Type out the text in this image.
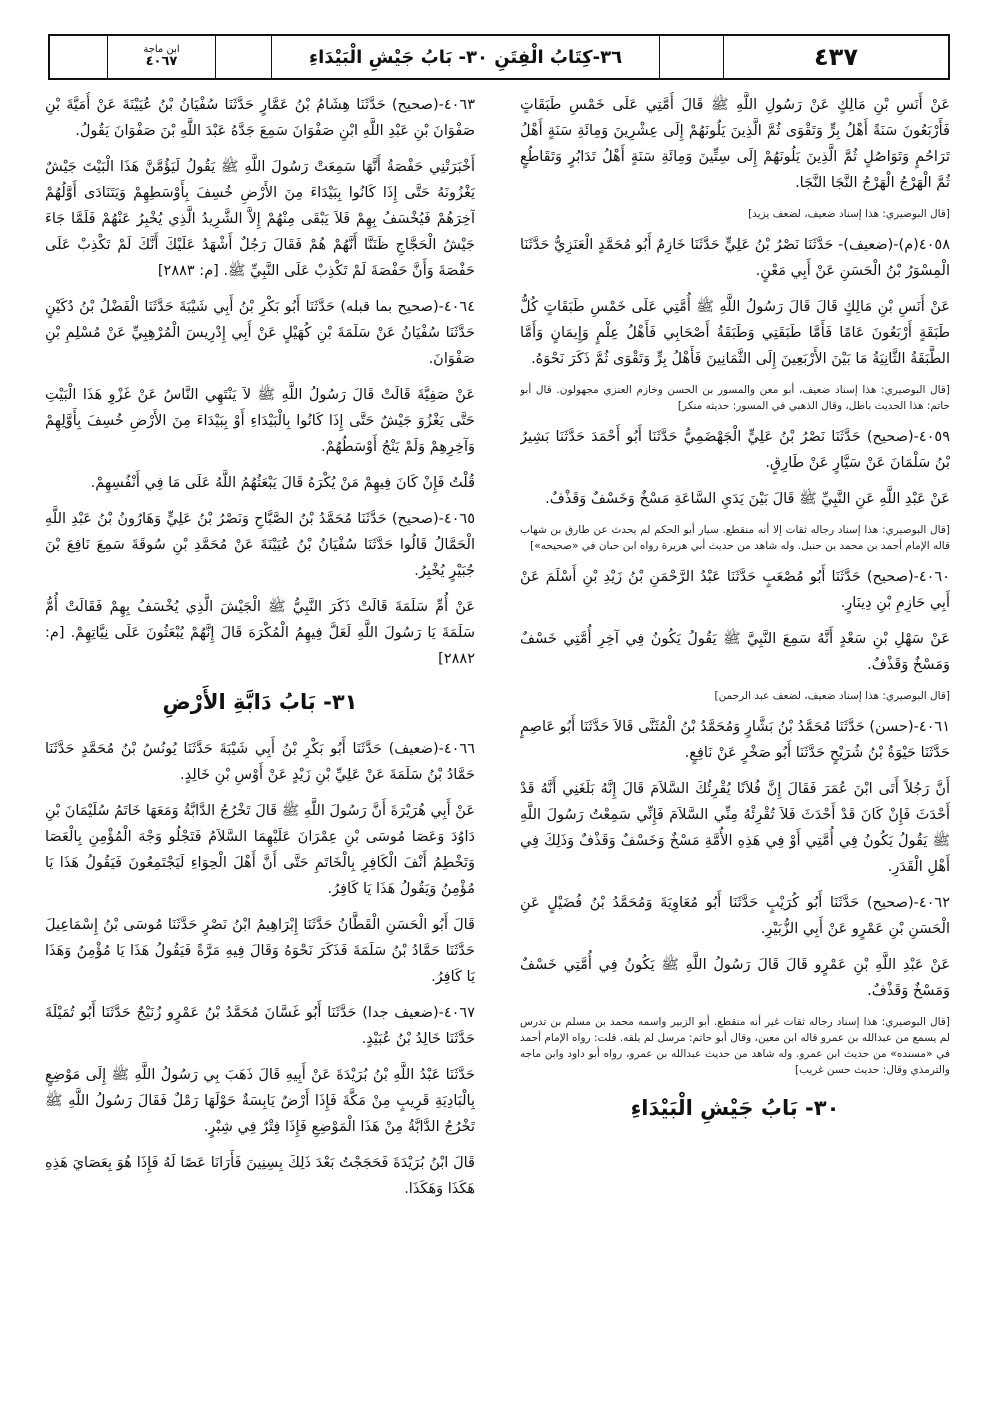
ابن ماجة
٤٠٦٧	٣٦-كِتَابُ الْفِتَنِ ٣٠- بَابُ جَيْشِ الْبَيْدَاءِ	٤٣٧
عَنْ أَنَسِ بْنِ مَالِكٍ عَنْ رَسُولِ اللَّهِ ﷺ قَالَ أُمَّتِي عَلَى خَمْسِ طَبَقَاتٍ فَأَرْبَعُونَ سَنَةً أَهْلُ بِرٍّ وَتَقْوَى ثُمَّ الَّذِينَ يَلُونَهُمْ إِلَى عِشْرِينَ وَمِائَةِ سَنَةٍ أَهْلُ تَرَاحُمٍ وَتَوَاصُلٍ ثُمَّ الَّذِينَ يَلُونَهُمْ إِلَى سِتِّينَ وَمِائَةِ سَنَةٍ أَهْلُ تَدَابُرٍ وَتَقَاطُعٍ ثُمَّ الْهَرْجُ الْهَرْجُ النَّجَا النَّجَا.
[قال البوصيري: هذا إسناد ضعيف، لضعف يزيد]
٤٠٥٨(م)-(ضعيف)- حَدَّثَنَا نَصْرُ بْنُ عَلِيٍّ حَدَّثَنَا خَازِمٌ أَبُو مُحَمَّدٍ الْعَنَزِيُّ حَدَّثَنَا الْمِسْوَرُ بْنُ الْحَسَنِ عَنْ أَبِي مَعْنٍ.
عَنْ أَنَسِ بْنِ مَالِكٍ قَالَ قَالَ رَسُولُ اللَّهِ ﷺ أُمَّتِي عَلَى خَمْسِ طَبَقَاتٍ كُلُّ طَبَقَةٍ أَرْبَعُونَ عَامًا فَأَمَّا طَبَقَتِي وَطَبَقَةُ أَصْحَابِي فَأَهْلُ عِلْمٍ وَإِيمَانٍ وَأَمَّا الطَّبَقَةُ الثَّانِيَةُ مَا بَيْنَ الأَرْبَعِينَ إِلَى الثَّمَانِينَ فَأَهْلُ بِرٍّ وَتَقْوَى ثُمَّ ذَكَرَ نَحْوَهُ.
[قال البوصيري: هذا إسناد ضعيف، أبو معن والمسور بن الحسن وخازم العنزي مجهولون. قال أبو حاتم: هذا الحديث باطل، وقال الذهبي في المسور: حديثه منكر]
٤٠٥٩-(صحيح) حَدَّثَنَا نَصْرُ بْنُ عَلِيٍّ الْجَهْضَمِيُّ حَدَّثَنَا أَبُو أَحْمَدَ حَدَّثَنَا بَشِيرُ بْنُ سَلْمَانَ عَنْ سَيَّارٍ عَنْ طَارِقٍ.
عَنْ عَبْدِ اللَّهِ عَنِ النَّبِيِّ ﷺ قَالَ بَيْنَ يَدَيِ السَّاعَةِ مَسْخٌ وَخَسْفٌ وَقَذْفٌ.
[قال البوصيري: هذا إسناد رجاله ثقات إلا أنه منقطع. سيار أبو الحكم لم يحدث عن طارق بن شهاب قاله الإمام أحمد بن محمد بن حنبل. وله شاهد من حديث أبي هريرة رواه ابن حبان في «صحيحه»]
٤٠٦٠-(صحيح) حَدَّثَنَا أَبُو مُصْعَبٍ حَدَّثَنَا عَبْدُ الرَّحْمَنِ بْنُ زَيْدِ بْنِ أَسْلَمَ عَنْ أَبِي حَازِمِ بْنِ دِينَارٍ.
عَنْ سَهْلِ بْنِ سَعْدٍ أَنَّهُ سَمِعَ النَّبِيَّ ﷺ يَقُولُ يَكُونُ فِي آخِرِ أُمَّتِي خَسْفٌ وَمَسْخٌ وَقَذْفٌ.
[قال البوصيري: هذا إسناد ضعيف، لضعف عبد الرحمن]
٤٠٦١-(حسن) حَدَّثَنَا مُحَمَّدُ بْنُ بَشَّارٍ وَمُحَمَّدُ بْنُ الْمُثَنَّى قَالاَ حَدَّثَنَا أَبُو عَاصِمٍ حَدَّثَنَا حَيْوَةُ بْنُ شُرَيْحٍ حَدَّثَنَا أَبُو صَخْرٍ عَنْ نَافِعٍ.
أَنَّ رَجُلاً أَتَى ابْنَ عُمَرَ فَقَالَ إِنَّ فُلاَنًا يُقْرِئُكَ السَّلاَمَ قَالَ إِنَّهُ بَلَغَنِي أَنَّهُ قَدْ أَحْدَثَ فَإِنْ كَانَ قَدْ أَحْدَثَ فَلاَ تُقْرِئْهُ مِنِّي السَّلاَمَ فَإِنِّي سَمِعْتُ رَسُولَ اللَّهِ ﷺ يَقُولُ يَكُونُ فِي أُمَّتِي أَوْ فِي هَذِهِ الأُمَّةِ مَسْخٌ وَخَسْفٌ وَقَذْفٌ وَذَلِكَ فِي أَهْلِ الْقَدَرِ.
٤٠٦٢-(صحيح) حَدَّثَنَا أَبُو كُرَيْبٍ حَدَّثَنَا أَبُو مُعَاوِيَةَ وَمُحَمَّدُ بْنُ فُضَيْلٍ عَنِ الْحَسَنِ بْنِ عَمْرٍو عَنْ أَبِي الزُّبَيْرِ.
عَنْ عَبْدِ اللَّهِ بْنِ عَمْرٍو قَالَ قَالَ رَسُولُ اللَّهِ ﷺ يَكُونُ فِي أُمَّتِي خَسْفٌ وَمَسْخٌ وَقَذْفٌ.
[قال البوصيري: هذا إسناد رجاله ثقات غير أنه منقطع. أبو الزبير واسمه محمد بن مسلم بن تدرس لم يسمع من عبدالله بن عمرو قاله ابن معين، وقال أبو حاتم: مرسل لم يلقه. قلت: رواه الإمام أحمد في «مسنده» من حديث ابن عمرو. وله شاهد من حديث عبدالله بن عمرو، رواه أبو داود وابن ماجه والترمذي وقال: حديث حسن غريب]
٣٠- بَابُ جَيْشِ الْبَيْدَاءِ
٤٠٦٣-(صحيح) حَدَّثَنَا هِشَامُ بْنُ عَمَّارٍ حَدَّثَنَا سُفْيَانُ بْنُ عُيَيْنَةَ عَنْ أُمَيَّةَ بْنِ صَفْوَانَ بْنِ عَبْدِ اللَّهِ ابْنِ صَفْوَانَ سَمِعَ جَدَّهُ عَبْدَ اللَّهِ بْنَ صَفْوَانَ يَقُولُ.
أَخْبَرَتْنِي حَفْصَةُ أَنَّهَا سَمِعَتْ رَسُولَ اللَّهِ ﷺ يَقُولُ لَيَؤُمَّنَّ هَذَا الْبَيْتَ جَيْشٌ يَغْزُونَهُ حَتَّى إِذَا كَانُوا بِبَيْدَاءَ مِنَ الأَرْضِ خُسِفَ بِأَوْسَطِهِمْ وَيَتَنَادَى أَوَّلُهُمْ آخِرَهُمْ فَيُخْسَفُ بِهِمْ فَلاَ يَبْقَى مِنْهُمْ إِلاَّ الشَّرِيدُ الَّذِي يُخْبِرُ عَنْهُمْ فَلَمَّا جَاءَ جَيْشُ الْحَجَّاجِ ظَنَنَّا أَنَّهُمْ هُمْ فَقَالَ رَجُلٌ أَشْهَدُ عَلَيْكَ أَنَّكَ لَمْ تَكْذِبْ عَلَى حَفْصَةَ وَأَنَّ حَفْصَةَ لَمْ تَكْذِبْ عَلَى النَّبِيِّ ﷺ. [م: ٢٨٨٣]
٤٠٦٤-(صحيح بما قبله) حَدَّثَنَا أَبُو بَكْرِ بْنُ أَبِي شَيْبَةَ حَدَّثَنَا الْفَضْلُ بْنُ دُكَيْنٍ حَدَّثَنَا سُفْيَانُ عَنْ سَلَمَةَ بْنِ كُهَيْلٍ عَنْ أَبِي إِدْرِيسَ الْمُرْهِبِيِّ عَنْ مُسْلِمِ بْنِ صَفْوَانَ.
عَنْ صَفِيَّةَ قَالَتْ قَالَ رَسُولُ اللَّهِ ﷺ لاَ يَنْتَهِي النَّاسُ عَنْ غَزْوِ هَذَا الْبَيْتِ حَتَّى يَغْزُوَ جَيْشٌ حَتَّى إِذَا كَانُوا بِالْبَيْدَاءِ أَوْ بِبَيْدَاءَ مِنَ الأَرْضِ خُسِفَ بِأَوَّلِهِمْ وَآخِرِهِمْ وَلَمْ يَنْجُ أَوْسَطُهُمْ.
قُلْتُ فَإِنْ كَانَ فِيهِمْ مَنْ يُكْرَهُ قَالَ يَبْعَثُهُمُ اللَّهُ عَلَى مَا فِي أَنْفُسِهِمْ.
٤٠٦٥-(صحيح) حَدَّثَنَا مُحَمَّدُ بْنُ الصَّبَّاحِ وَنَصْرُ بْنُ عَلِيٍّ وَهَارُونُ بْنُ عَبْدِ اللَّهِ الْحَمَّالُ قَالُوا حَدَّثَنَا سُفْيَانُ بْنُ عُيَيْنَةَ عَنْ مُحَمَّدِ بْنِ سُوقَةَ سَمِعَ نَافِعَ بْنَ جُبَيْرٍ يُخْبِرُ.
عَنْ أُمِّ سَلَمَةَ قَالَتْ ذَكَرَ النَّبِيُّ ﷺ الْجَيْشَ الَّذِي يُخْسَفُ بِهِمْ فَقَالَتْ أُمُّ سَلَمَةَ يَا رَسُولَ اللَّهِ لَعَلَّ فِيهِمُ الْمُكْرَهَ قَالَ إِنَّهُمْ يُبْعَثُونَ عَلَى نِيَّاتِهِمْ. [م: ٢٨٨٢]
٣١- بَابُ دَابَّةِ الأَرْضِ
٤٠٦٦-(ضعيف) حَدَّثَنَا أَبُو بَكْرِ بْنُ أَبِي شَيْبَةَ حَدَّثَنَا يُونُسُ بْنُ مُحَمَّدٍ حَدَّثَنَا حَمَّادُ بْنُ سَلَمَةَ عَنْ عَلِيِّ بْنِ زَيْدٍ عَنْ أَوْسِ بْنِ خَالِدٍ.
عَنْ أَبِي هُرَيْرَةَ أَنَّ رَسُولَ اللَّهِ ﷺ قَالَ تَخْرُجُ الدَّابَّةُ وَمَعَهَا خَاتَمُ سُلَيْمَانَ بْنِ دَاوُدَ وَعَصَا مُوسَى بْنِ عِمْرَانَ عَلَيْهِمَا السَّلاَمُ فَتَجْلُو وَجْهَ الْمُؤْمِنِ بِالْعَصَا وَتَخْطِمُ أَنْفَ الْكَافِرِ بِالْخَاتَمِ حَتَّى أَنَّ أَهْلَ الْحِوَاءِ لَيَجْتَمِعُونَ فَيَقُولُ هَذَا يَا مُؤْمِنُ وَيَقُولُ هَذَا يَا كَافِرُ.
قَالَ أَبُو الْحَسَنِ الْقَطَّانُ حَدَّثَنَا إِبْرَاهِيمُ ابْنُ نَصْرٍ حَدَّثَنَا مُوسَى بْنُ إِسْمَاعِيلَ حَدَّثَنَا حَمَّادُ بْنُ سَلَمَةَ فَذَكَرَ نَحْوَهُ وَقَالَ فِيهِ مَرَّةً فَيَقُولُ هَذَا يَا مُؤْمِنُ وَهَذَا يَا كَافِرُ.
٤٠٦٧-(ضعيف جدا) حَدَّثَنَا أَبُو غَسَّانَ مُحَمَّدُ بْنُ عَمْرٍو زُنَيْجٌ حَدَّثَنَا أَبُو تُمَيْلَةَ حَدَّثَنَا خَالِدُ بْنُ عُبَيْدٍ.
حَدَّثَنَا عَبْدُ اللَّهِ بْنُ بُرَيْدَةَ عَنْ أَبِيهِ قَالَ ذَهَبَ بِي رَسُولُ اللَّهِ ﷺ إِلَى مَوْضِعٍ بِالْبَادِيَةِ قَرِيبٍ مِنْ مَكَّةَ فَإِذَا أَرْضٌ يَابِسَةٌ حَوْلَهَا رَمْلٌ فَقَالَ رَسُولُ اللَّهِ ﷺ تَخْرُجُ الدَّابَّةُ مِنْ هَذَا الْمَوْضِعِ فَإِذَا فِتْرٌ فِي شِبْرٍ.
قَالَ ابْنُ بُرَيْدَةَ فَحَجَجْتُ بَعْدَ ذَلِكَ بِسِنِينَ فَأَرَانَا عَصًا لَهُ فَإِذَا هُوَ بِعَصَايَ هَذِهِ هَكَذَا وَهَكَذَا.
